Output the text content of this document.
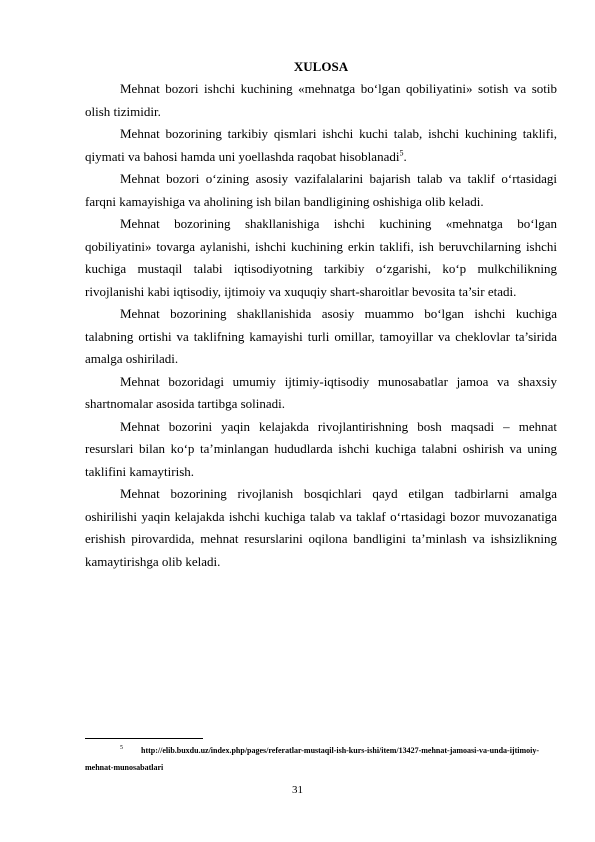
XULOSA

Mehnat bozori ishchi kuchining «mehnatga bo‘lgan qobiliyatini» sotish va sotib olish tizimidir.

Mehnat bozorining tarkibiy qismlari ishchi kuchi talab, ishchi kuchining taklifi, qiymati va bahosi hamda uni yoellashda raqobat hisoblanadi$^5$.

Mehnat bozori o‘zining asosiy vazifalalarini bajarish talab va taklif o‘rtasidagi farqni kamayishiga va aholining ish bilan bandligining oshishiga olib keladi.

Mehnat bozorining shakllanishiga ishchi kuchining «mehnatga bo‘lgan qobiliyatini» tovarga aylanishi, ishchi kuchining erkin taklifi, ish beruvchilarning ishchi kuchiga mustaqil talabi iqtisodiyotning tarkibiy o‘zgarishi, ko‘p mulkchilikning rivojlanishi kabi iqtisodiy, ijtimoiy va xuquqiy shart-sharoitlar bevosita ta’sir etadi.

Mehnat bozorining shakllanishida asosiy muammo bo‘lgan ishchi kuchiga talabning ortishi va taklifning kamayishi turli omillar, tamoyillar va cheklovlar ta’sirida amalga oshiriladi.

Mehnat bozoridagi umumiy ijtimiy-iqtisodiy munosabatlar jamoa va shaxsiy shartnomalar asosida tartibga solinadi.

Mehnat bozorini yaqin kelajakda rivojlantirishning bosh maqsadi – mehnat resurslari bilan ko‘p ta’minlangan hududlarda ishchi kuchiga talabni oshirish va uning taklifini kamaytirish.

Mehnat bozorining rivojlanish bosqichlari qayd etilgan tadbirlarni amalga oshirilishi yaqin kelajakda ishchi kuchiga talab va taklaf o‘rtasidagi bozor muvozanatiga erishish pirovardida, mehnat resurslarini oqilona bandligini ta’minlash va ishsizlikning kamaytirishga olib keladi.

$^5$ http://elib.buxdu.uz/index.php/pages/referatlar-mustaqil-ish-kurs-ishi/item/13427-mehnat-jamoasi-va-unda-ijtimoiy-mehnat-munosabatlari

31
